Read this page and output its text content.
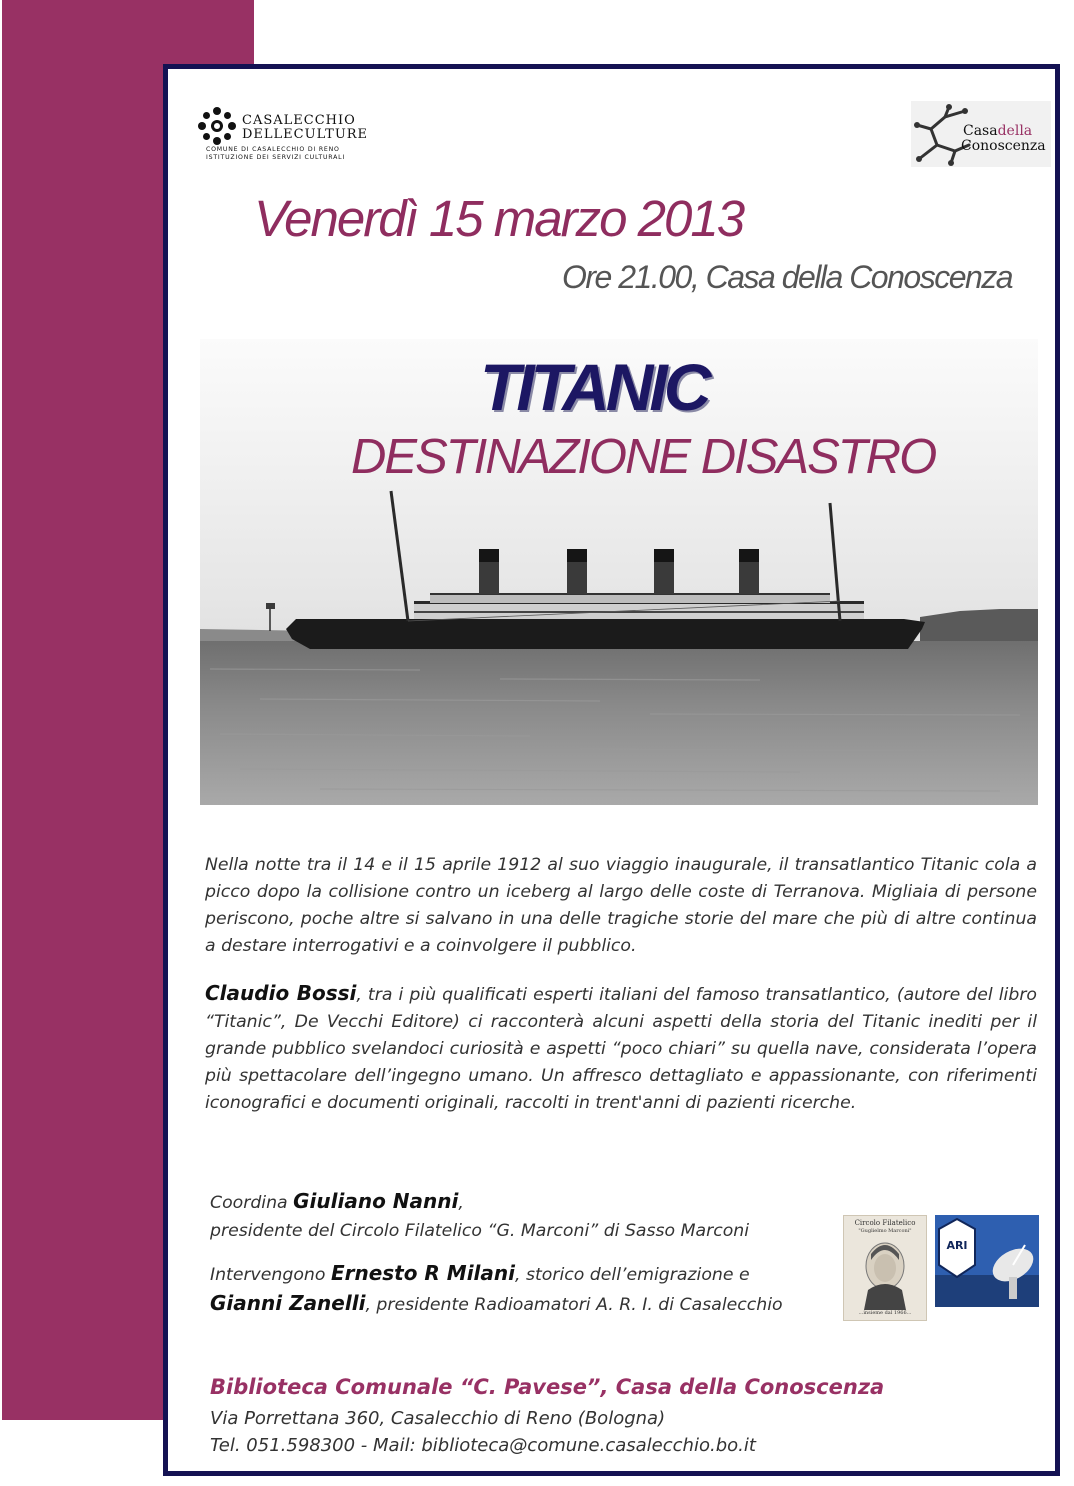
CASALECCHIO
DELLECULTURE
COMUNE DI CASALECCHIO DI RENO
ISTITUZIONE DEI SERVIZI CULTURALI
Casadella
Conoscenza
Venerdì 15 marzo 2013
Ore 21.00, Casa della Conoscenza
TITANIC
DESTINAZIONE DISASTRO
Nella notte tra il 14 e il 15 aprile 1912 al suo viaggio inaugurale, il transatlantico Titanic cola a picco dopo la collisione contro un iceberg al largo delle coste di Terranova. Migliaia di persone periscono, poche altre si salvano in una delle tragiche storie del mare che più di altre continua a destare interrogativi e a coinvolgere il pubblico.
Claudio Bossi, tra i più qualificati esperti italiani del famoso transatlantico, (autore del libro “Titanic”, De Vecchi Editore) ci racconterà alcuni aspetti della storia del Titanic inediti per il grande pubblico svelandoci curiosità e aspetti “poco chiari” su quella nave, considerata l’opera più spettacolare dell’ingegno umano. Un affresco dettagliato e appassionante, con riferimenti iconografici e documenti originali, raccolti in trent'anni di pazienti ricerche.
Coordina Giuliano Nanni,
presidente del Circolo Filatelico “G. Marconi” di Sasso Marconi
Intervengono Ernesto R Milani, storico dell’emigrazione e
Gianni Zanelli, presidente Radioamatori A. R. I. di Casalecchio
Circolo Filatelico
"Guglielmo Marconi"
...insieme dal 1966...
ARI
Biblioteca Comunale “C. Pavese”, Casa della Conoscenza
Via Porrettana 360, Casalecchio di Reno (Bologna)
Tel. 051.598300 - Mail: biblioteca@comune.casalecchio.bo.it
